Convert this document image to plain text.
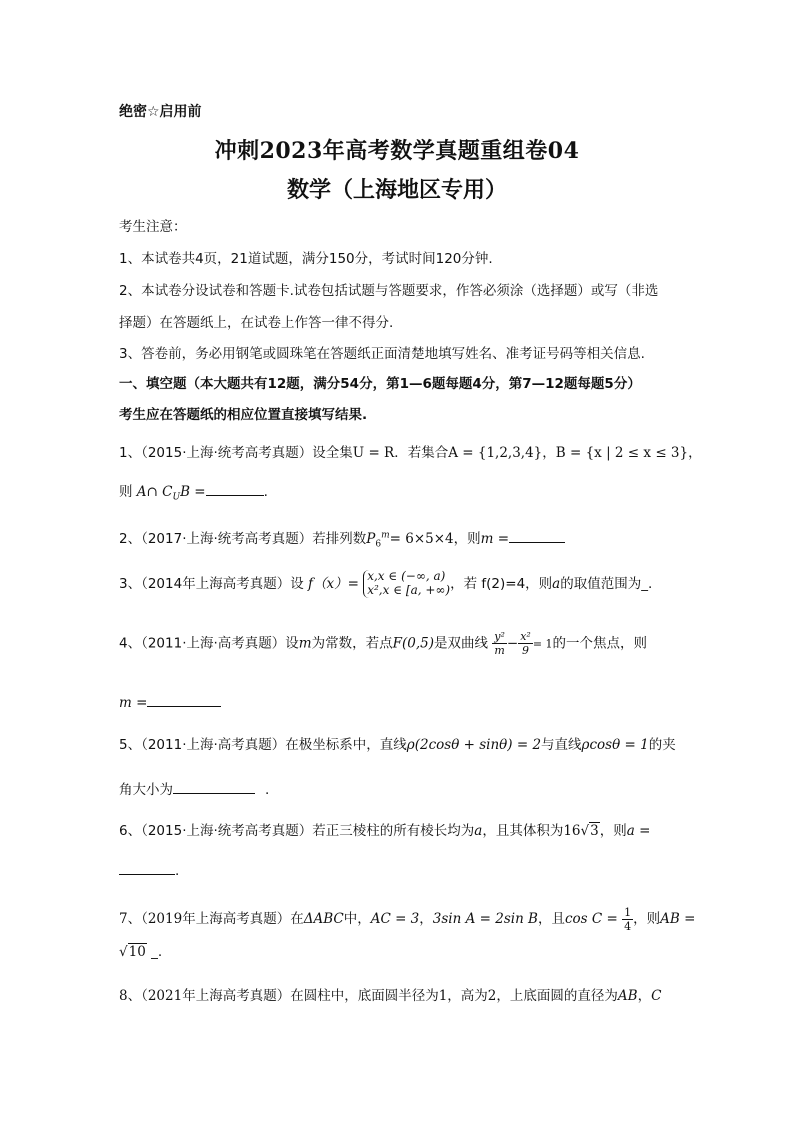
绝密☆启用前
冲刺2023年高考数学真题重组卷04
数学（上海地区专用）
考生注意：
1、本试卷共4页，21道试题，满分150分，考试时间120分钟.
2、本试卷分设试卷和答题卡.试卷包括试题与答题要求，作答必须涂（选择题）或写（非选
择题）在答题纸上，在试卷上作答一律不得分.
3、答卷前，务必用钢笔或圆珠笔在答题纸正面清楚地填写姓名、准考证号码等相关信息.
一、填空题（本大题共有12题，满分54分，第1—6题每题4分，第7—12题每题5分）
考生应在答题纸的相应位置直接填写结果.
1、（2015·上海·统考高考真题）设全集U = R．若集合A = {1,2,3,4}，B = {x | 2 ≤ x ≤ 3}，
则 A∩ $C_UB$ =	.
2、（2017·上海·统考高考真题）若排列数$P_6^m= 6\times 5\times 4$，则m =
3、（2014年上海高考真题）设 f（x）= x,x ∈ (−∞, a)
x²,x ∈ [a, +∞) ，若 f(2)=4，则a的取值范围为_.
4、（2011·上海·高考真题）设m为常数，若点F(0,5)是双曲线 $\frac{\text{y²}}{m} - \frac{\text{x²}}{9} = 1$的一个焦点，则
m =
5、（2011·上海·高考真题）在极坐标系中，直线ρ(2cosθ + sinθ) = 2与直线ρcosθ = 1的夹
角大小为	.
6、（2015·上海·统考高考真题）若正三棱柱的所有棱长均为a，且其体积为16√3，则a =
.
7、（2019年上海高考真题）在ΔABC中，AC = 3，3sin A = 2sin B，且$\cos C = \frac{1}{4}$ ，则AB =
√10 _.
8、（2021年上海高考真题）在圆柱中，底面圆半径为1，高为2，上底面圆的直径为AB，C
